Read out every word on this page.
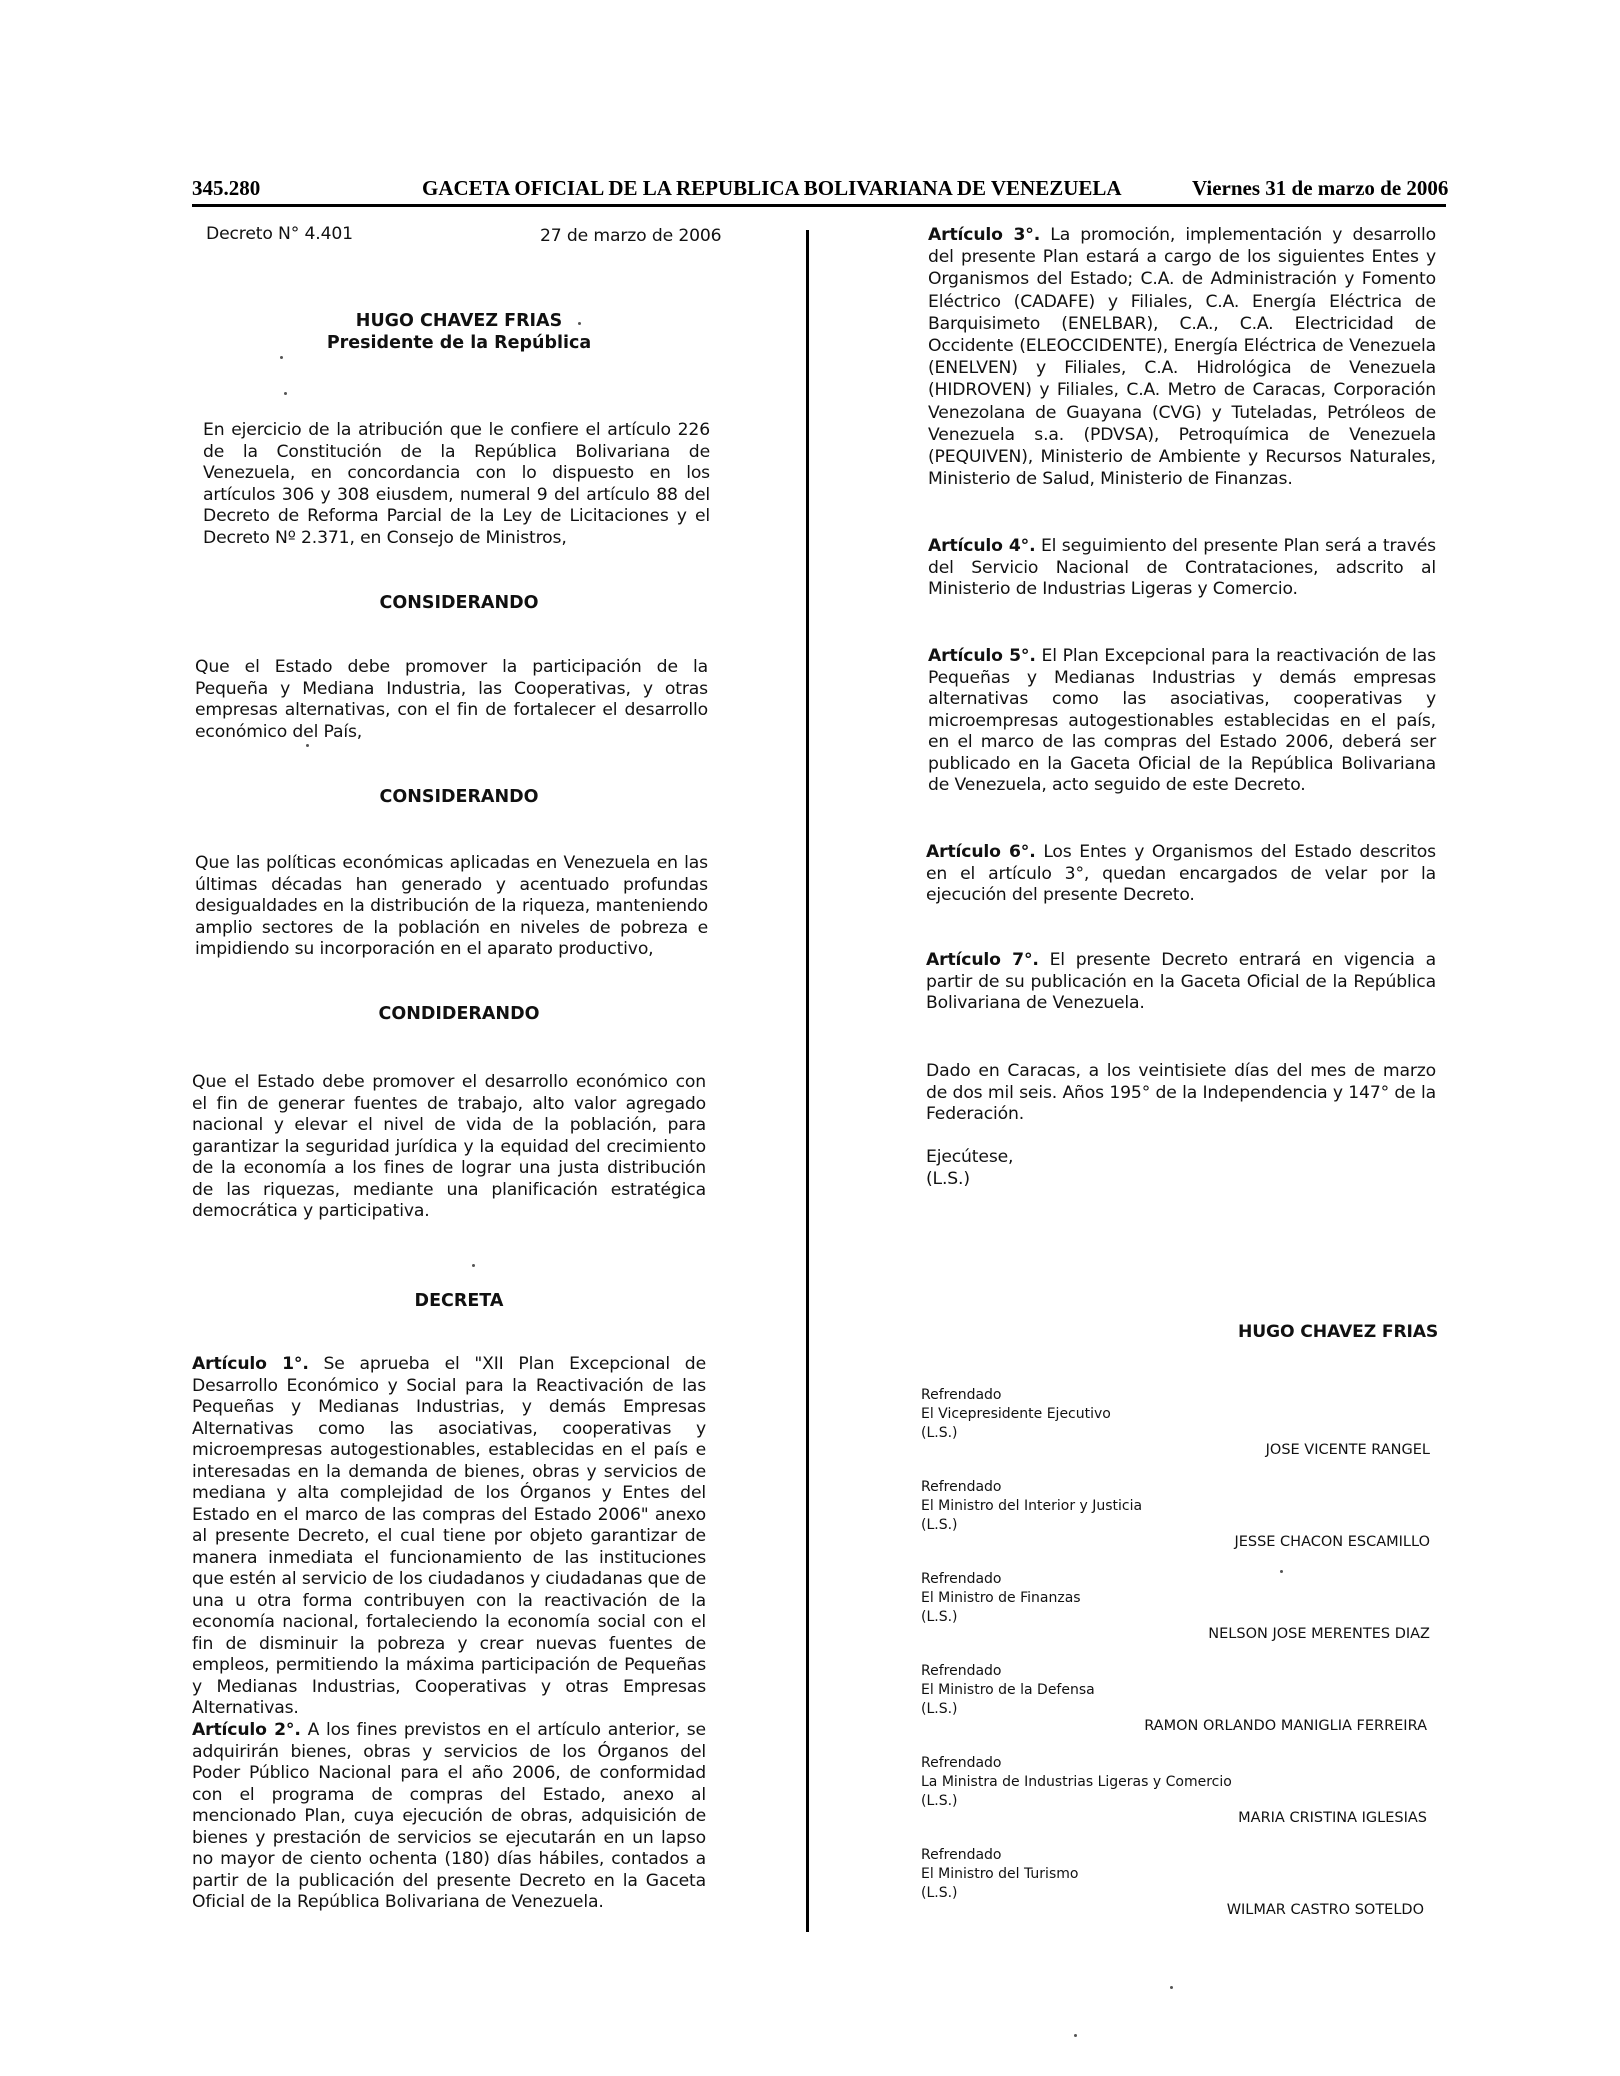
345.280	GACETA OFICIAL DE LA REPUBLICA BOLIVARIANA DE VENEZUELA	Viernes 31 de marzo de 2006

Decreto N° 4.401	27 de marzo de 2006

HUGO CHAVEZ FRIAS

Presidente de la República

En ejercicio de la atribución que le confiere el artículo 226 de la Constitución de la República Bolivariana de Venezuela, en concordancia con lo dispuesto en los artículos 306 y 308 eiusdem, numeral 9 del artículo 88 del Decreto de Reforma Parcial de la Ley de Licitaciones y el Decreto Nº 2.371, en Consejo de Ministros,

CONSIDERANDO

Que el Estado debe promover la participación de la Pequeña y Mediana Industria, las Cooperativas, y otras empresas alternativas, con el fin de fortalecer el desarrollo económico del País,

CONSIDERANDO

Que las políticas económicas aplicadas en Venezuela en las últimas décadas han generado y acentuado profundas desigualdades en la distribución de la riqueza, manteniendo amplio sectores de la población en niveles de pobreza e impidiendo su incorporación en el aparato productivo,

CONDIDERANDO

Que el Estado debe promover el desarrollo económico con el fin de generar fuentes de trabajo, alto valor agregado nacional y elevar el nivel de vida de la población, para garantizar la seguridad jurídica y la equidad del crecimiento de la economía a los fines de lograr una justa distribución de las riquezas, mediante una planificación estratégica democrática y participativa.

DECRETA

Artículo 1°. Se aprueba el "XII Plan Excepcional de Desarrollo Económico y Social para la Reactivación de las Pequeñas y Medianas Industrias, y demás Empresas Alternativas como las asociativas, cooperativas y microempresas autogestionables, establecidas en el país e interesadas en la demanda de bienes, obras y servicios de mediana y alta complejidad de los Órganos y Entes del Estado en el marco de las compras del Estado 2006" anexo al presente Decreto, el cual tiene por objeto garantizar de manera inmediata el funcionamiento de las instituciones que estén al servicio de los ciudadanos y ciudadanas que de una u otra forma contribuyen con la reactivación de la economía nacional, fortaleciendo la economía social con el fin de disminuir la pobreza y crear nuevas fuentes de empleos, permitiendo la máxima participación de Pequeñas y Medianas Industrias, Cooperativas y otras Empresas Alternativas.

Artículo 2°. A los fines previstos en el artículo anterior, se adquirirán bienes, obras y servicios de los Órganos del Poder Público Nacional para el año 2006, de conformidad con el programa de compras del Estado, anexo al mencionado Plan, cuya ejecución de obras, adquisición de bienes y prestación de servicios se ejecutarán en un lapso no mayor de ciento ochenta (180) días hábiles, contados a partir de la publicación del presente Decreto en la Gaceta Oficial de la República Bolivariana de Venezuela.

Artículo 3°. La promoción, implementación y desarrollo del presente Plan estará a cargo de los siguientes Entes y Organismos del Estado; C.A. de Administración y Fomento Eléctrico (CADAFE) y Filiales, C.A. Energía Eléctrica de Barquisimeto (ENELBAR), C.A., C.A. Electricidad de Occidente (ELEOCCIDENTE), Energía Eléctrica de Venezuela (ENELVEN) y Filiales, C.A. Hidrológica de Venezuela (HIDROVEN) y Filiales, C.A. Metro de Caracas, Corporación Venezolana de Guayana (CVG) y Tuteladas, Petróleos de Venezuela s.a. (PDVSA), Petroquímica de Venezuela (PEQUIVEN), Ministerio de Ambiente y Recursos Naturales, Ministerio de Salud, Ministerio de Finanzas.

Artículo 4°. El seguimiento del presente Plan será a través del Servicio Nacional de Contrataciones, adscrito al Ministerio de Industrias Ligeras y Comercio.

Artículo 5°. El Plan Excepcional para la reactivación de las Pequeñas y Medianas Industrias y demás empresas alternativas como las asociativas, cooperativas y microempresas autogestionables establecidas en el país, en el marco de las compras del Estado 2006, deberá ser publicado en la Gaceta Oficial de la República Bolivariana de Venezuela, acto seguido de este Decreto.

Artículo 6°. Los Entes y Organismos del Estado descritos en el artículo 3°, quedan encargados de velar por la ejecución del presente Decreto.

Artículo 7°. El presente Decreto entrará en vigencia a partir de su publicación en la Gaceta Oficial de la República Bolivariana de Venezuela.

Dado en Caracas, a los veintisiete días del mes de marzo de dos mil seis. Años 195° de la Independencia y 147° de la Federación.

Ejecútese,

(L.S.)

HUGO CHAVEZ FRIAS

Refrendado

El Vicepresidente Ejecutivo

(L.S.)

JOSE VICENTE RANGEL

Refrendado

El Ministro del Interior y Justicia

(L.S.)

JESSE CHACON ESCAMILLO

Refrendado

El Ministro de Finanzas

(L.S.)

NELSON JOSE MERENTES DIAZ

Refrendado

El Ministro de la Defensa

(L.S.)

RAMON ORLANDO MANIGLIA FERREIRA

Refrendado

La Ministra de Industrias Ligeras y Comercio

(L.S.)

MARIA CRISTINA IGLESIAS

Refrendado

El Ministro del Turismo

(L.S.)

WILMAR CASTRO SOTELDO
